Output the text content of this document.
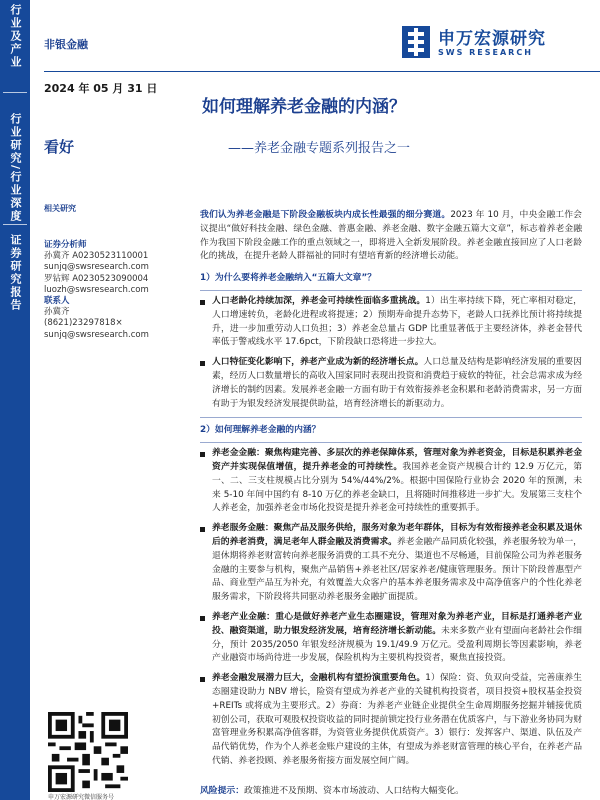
行业及产业
行业研究/行业深度
证券研究报告
非银金融
2024 年 05 月 31 日
看好
申万宏源研究
SWS RESEARCH
如何理解养老金融的内涵？
——养老金融专题系列报告之一
相关研究
证券分析师
孙冀齐 A0230523110001
sunjq@swsresearch.com
罗钻辉 A0230523090004
luozh@swsresearch.com
联系人
孙冀齐
(8621)23297818×
sunjq@swsresearch.com
申万宏源研究微信服务号

我们认为养老金融是下阶段金融板块内成长性最强的细分赛道。2023 年 10 月，中央金融工作会议提出“做好科技金融、绿色金融、普惠金融、养老金融、数字金融五篇大文章”，标志着养老金融作为我国下阶段金融工作的重点领域之一，即将进入全新发展阶段。养老金融直接回应了人口老龄化的挑战，在提升老龄人群福祉的同时有望培育新的经济增长动能。

1）为什么要将养老金融纳入“五篇大文章”？
人口老龄化持续加深，养老金可持续性面临多重挑战。1）出生率持续下降，死亡率相对稳定，人口增速转负，老龄化进程或将提速；2）预期寿命提升态势下，老龄人口抚养比预计将持续提升，进一步加重劳动人口负担；3）养老金总量占 GDP 比重显著低于主要经济体，养老金替代率低于警戒线水平 17.6pct，下阶段缺口恐将进一步拉大。
人口特征变化影响下，养老产业成为新的经济增长点。人口总量及结构是影响经济发展的重要因素，经历人口数量增长的高收入国家同时表现出投资和消费趋于疲软的特征，社会总需求成为经济增长的制约因素。发展养老金融一方面有助于有效衔接养老金积累和老龄消费需求，另一方面有助于为银发经济发展提供助益，培育经济增长的新驱动力。
2）如何理解养老金融的内涵？
养老金金融：聚焦构建完善、多层次的养老保障体系，管理对象为养老资金，目标是积累养老金资产并实现保值增值，提升养老金的可持续性。我国养老金资产规模合计约 12.9 万亿元，第一、二、三支柱规模占比分别为 54%/44%/2%。根据中国保险行业协会 2020 年的预测，未来 5-10 年间中国约有 8-10 万亿的养老金缺口，且将随时间推移进一步扩大。发展第三支柱个人养老金，加强养老金市场化投资是提升养老金可持续性的重要抓手。
养老服务金融：聚焦产品及服务供给，服务对象为老年群体，目标为有效衔接养老金积累及退休后的养老消费，满足老年人群金融及消费需求。养老金融产品同质化较强，养老服务较为单一，退休期将养老财富转向养老服务消费的工具不充分、渠道也不尽畅通，目前保险公司为养老服务金融的主要参与机构，聚焦产品销售+养老社区/居家养老/健康管理服务。预计下阶段普惠型产品、商业型产品互为补充，有效覆盖大众客户的基本养老服务需求及中高净值客户的个性化养老服务需求，下阶段将共同驱动养老服务金融扩面提质。
养老产业金融：重心是做好养老产业生态圈建设，管理对象为养老产业，目标是打通养老产业投、融资渠道，助力银发经济发展，培育经济增长新动能。未来多数产业有望面向老龄社会作细分，预计 2035/2050 年银发经济规模为 19.1/49.9 万亿元。受盈利周期长等因素影响，养老产业融资市场尚待进一步发展，保险机构为主要机构投资者，聚焦直接投资。
养老金融发展潜力巨大，金融机构有望扮演重要角色。1）保险：资、负双向受益，完善康养生态圈建设助力 NBV 增长，险资有望成为养老产业的关键机构投资者，项目投资+股权基金投资+REITs 或将成为主要形式。2）券商：为养老产业链企业提供全生命周期服务挖掘并辅接优质初创公司，获取可观股权投资收益的同时提前锁定投行业务潜在优质客户，与下游业务协同为财富管理业务积累高净值客群，为资管业务提供优质资产。3）银行：发挥客户、渠道、队伍及产品代销优势，作为个人养老金账户建设的主体，有望成为养老财富管理的核心平台，在养老产品代销、养老投顾、养老服务衔接方面发展空间广阔。
风险提示：政策推进不及预期、资本市场波动、人口结构大幅变化。
